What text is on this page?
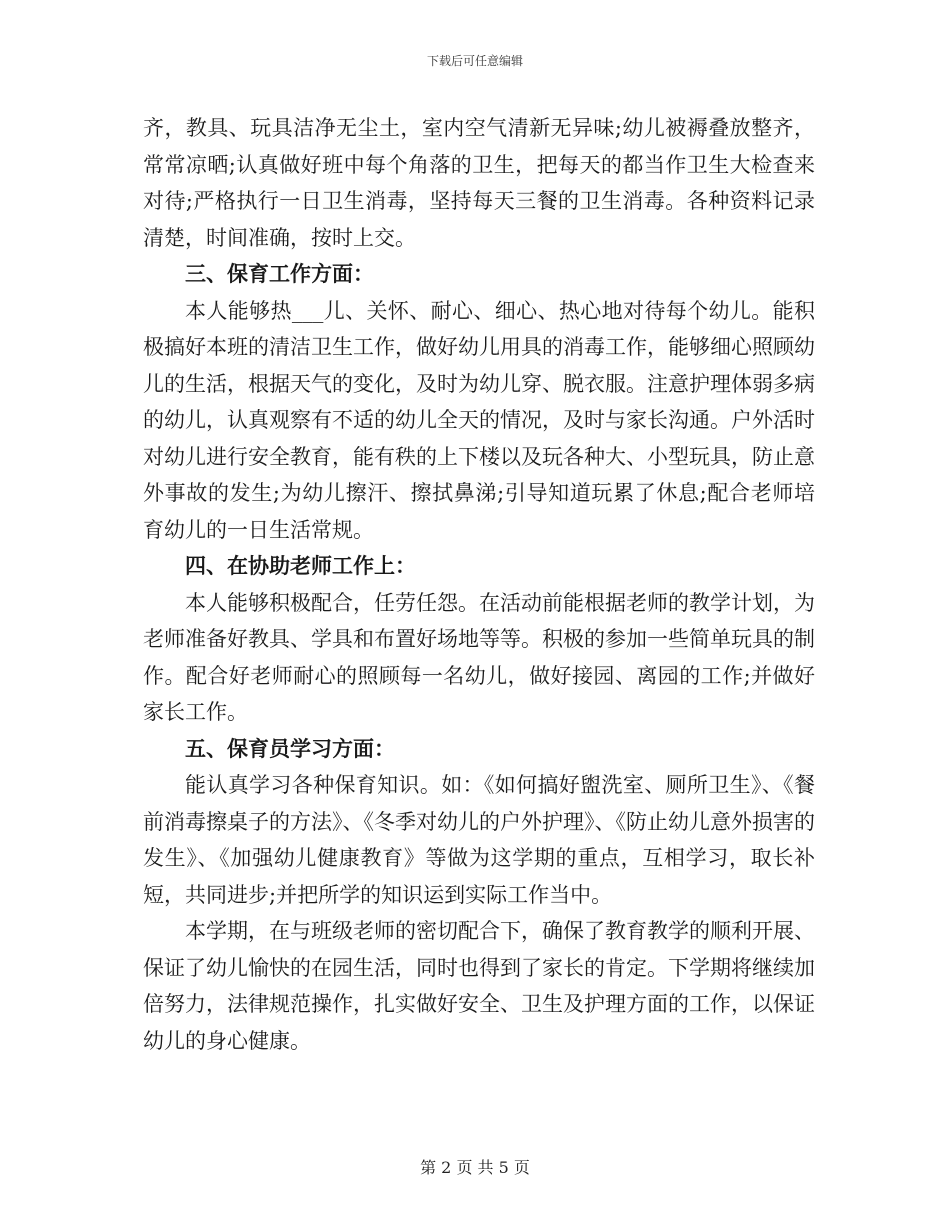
下载后可任意编辑

齐，教具、玩具洁净无尘土，室内空气清新无异味;幼儿被褥叠放整齐，常常凉晒;认真做好班中每个角落的卫生，把每天的都当作卫生大检查来对待;严格执行一日卫生消毒，坚持每天三餐的卫生消毒。各种资料记录清楚，时间准确，按时上交。

三、保育工作方面：

本人能够热___儿、关怀、耐心、细心、热心地对待每个幼儿。能积极搞好本班的清洁卫生工作，做好幼儿用具的消毒工作，能够细心照顾幼儿的生活，根据天气的变化，及时为幼儿穿、脱衣服。注意护理体弱多病的幼儿，认真观察有不适的幼儿全天的情况，及时与家长沟通。户外活时对幼儿进行安全教育，能有秩的上下楼以及玩各种大、小型玩具，防止意外事故的发生;为幼儿擦汗、擦拭鼻涕;引导知道玩累了休息;配合老师培育幼儿的一日生活常规。

四、在协助老师工作上：

本人能够积极配合，任劳任怨。在活动前能根据老师的教学计划，为老师准备好教具、学具和布置好场地等等。积极的参加一些简单玩具的制作。配合好老师耐心的照顾每一名幼儿，做好接园、离园的工作;并做好家长工作。

五、保育员学习方面：

能认真学习各种保育知识。如：《如何搞好盥洗室、厕所卫生》、《餐前消毒擦桌子的方法》、《冬季对幼儿的户外护理》、《防止幼儿意外损害的发生》、《加强幼儿健康教育》等做为这学期的重点，互相学习，取长补短，共同进步;并把所学的知识运到实际工作当中。

本学期，在与班级老师的密切配合下，确保了教育教学的顺利开展、保证了幼儿愉快的在园生活，同时也得到了家长的肯定。下学期将继续加倍努力，法律规范操作，扎实做好安全、卫生及护理方面的工作，以保证幼儿的身心健康。

第 2 页 共 5 页
